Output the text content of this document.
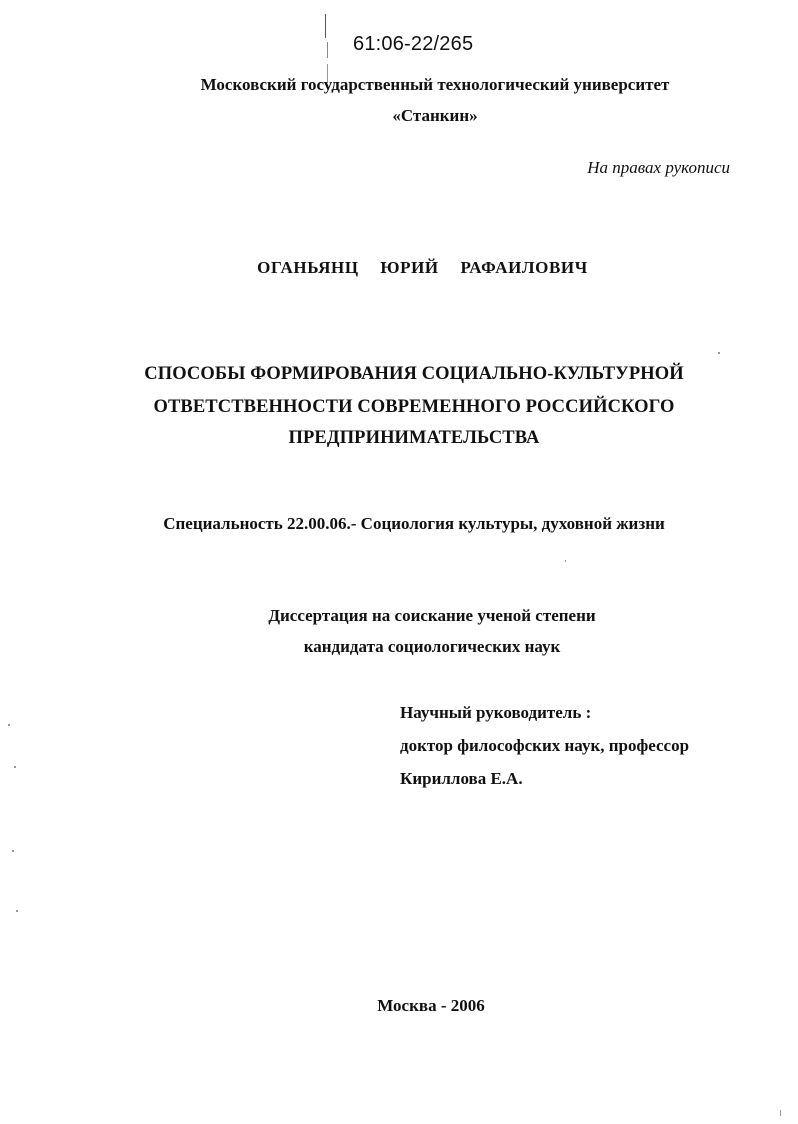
61:06-22/265

Московский государственный технологический университет

«Станкин»

На правах рукописи

ОГАНЬЯНЦ  ЮРИЙ  РАФАИЛОВИЧ

СПОСОБЫ ФОРМИРОВАНИЯ СОЦИАЛЬНО-КУЛЬТУРНОЙ

ОТВЕТСТВЕННОСТИ СОВРЕМЕННОГО РОССИЙСКОГО

ПРЕДПРИНИМАТЕЛЬСТВА

Специальность 22.00.06.- Социология культуры, духовной жизни

Диссертация на соискание ученой степени

кандидата социологических наук

Научный руководитель :

доктор философских наук, профессор

Кириллова Е.А.

Москва - 2006
